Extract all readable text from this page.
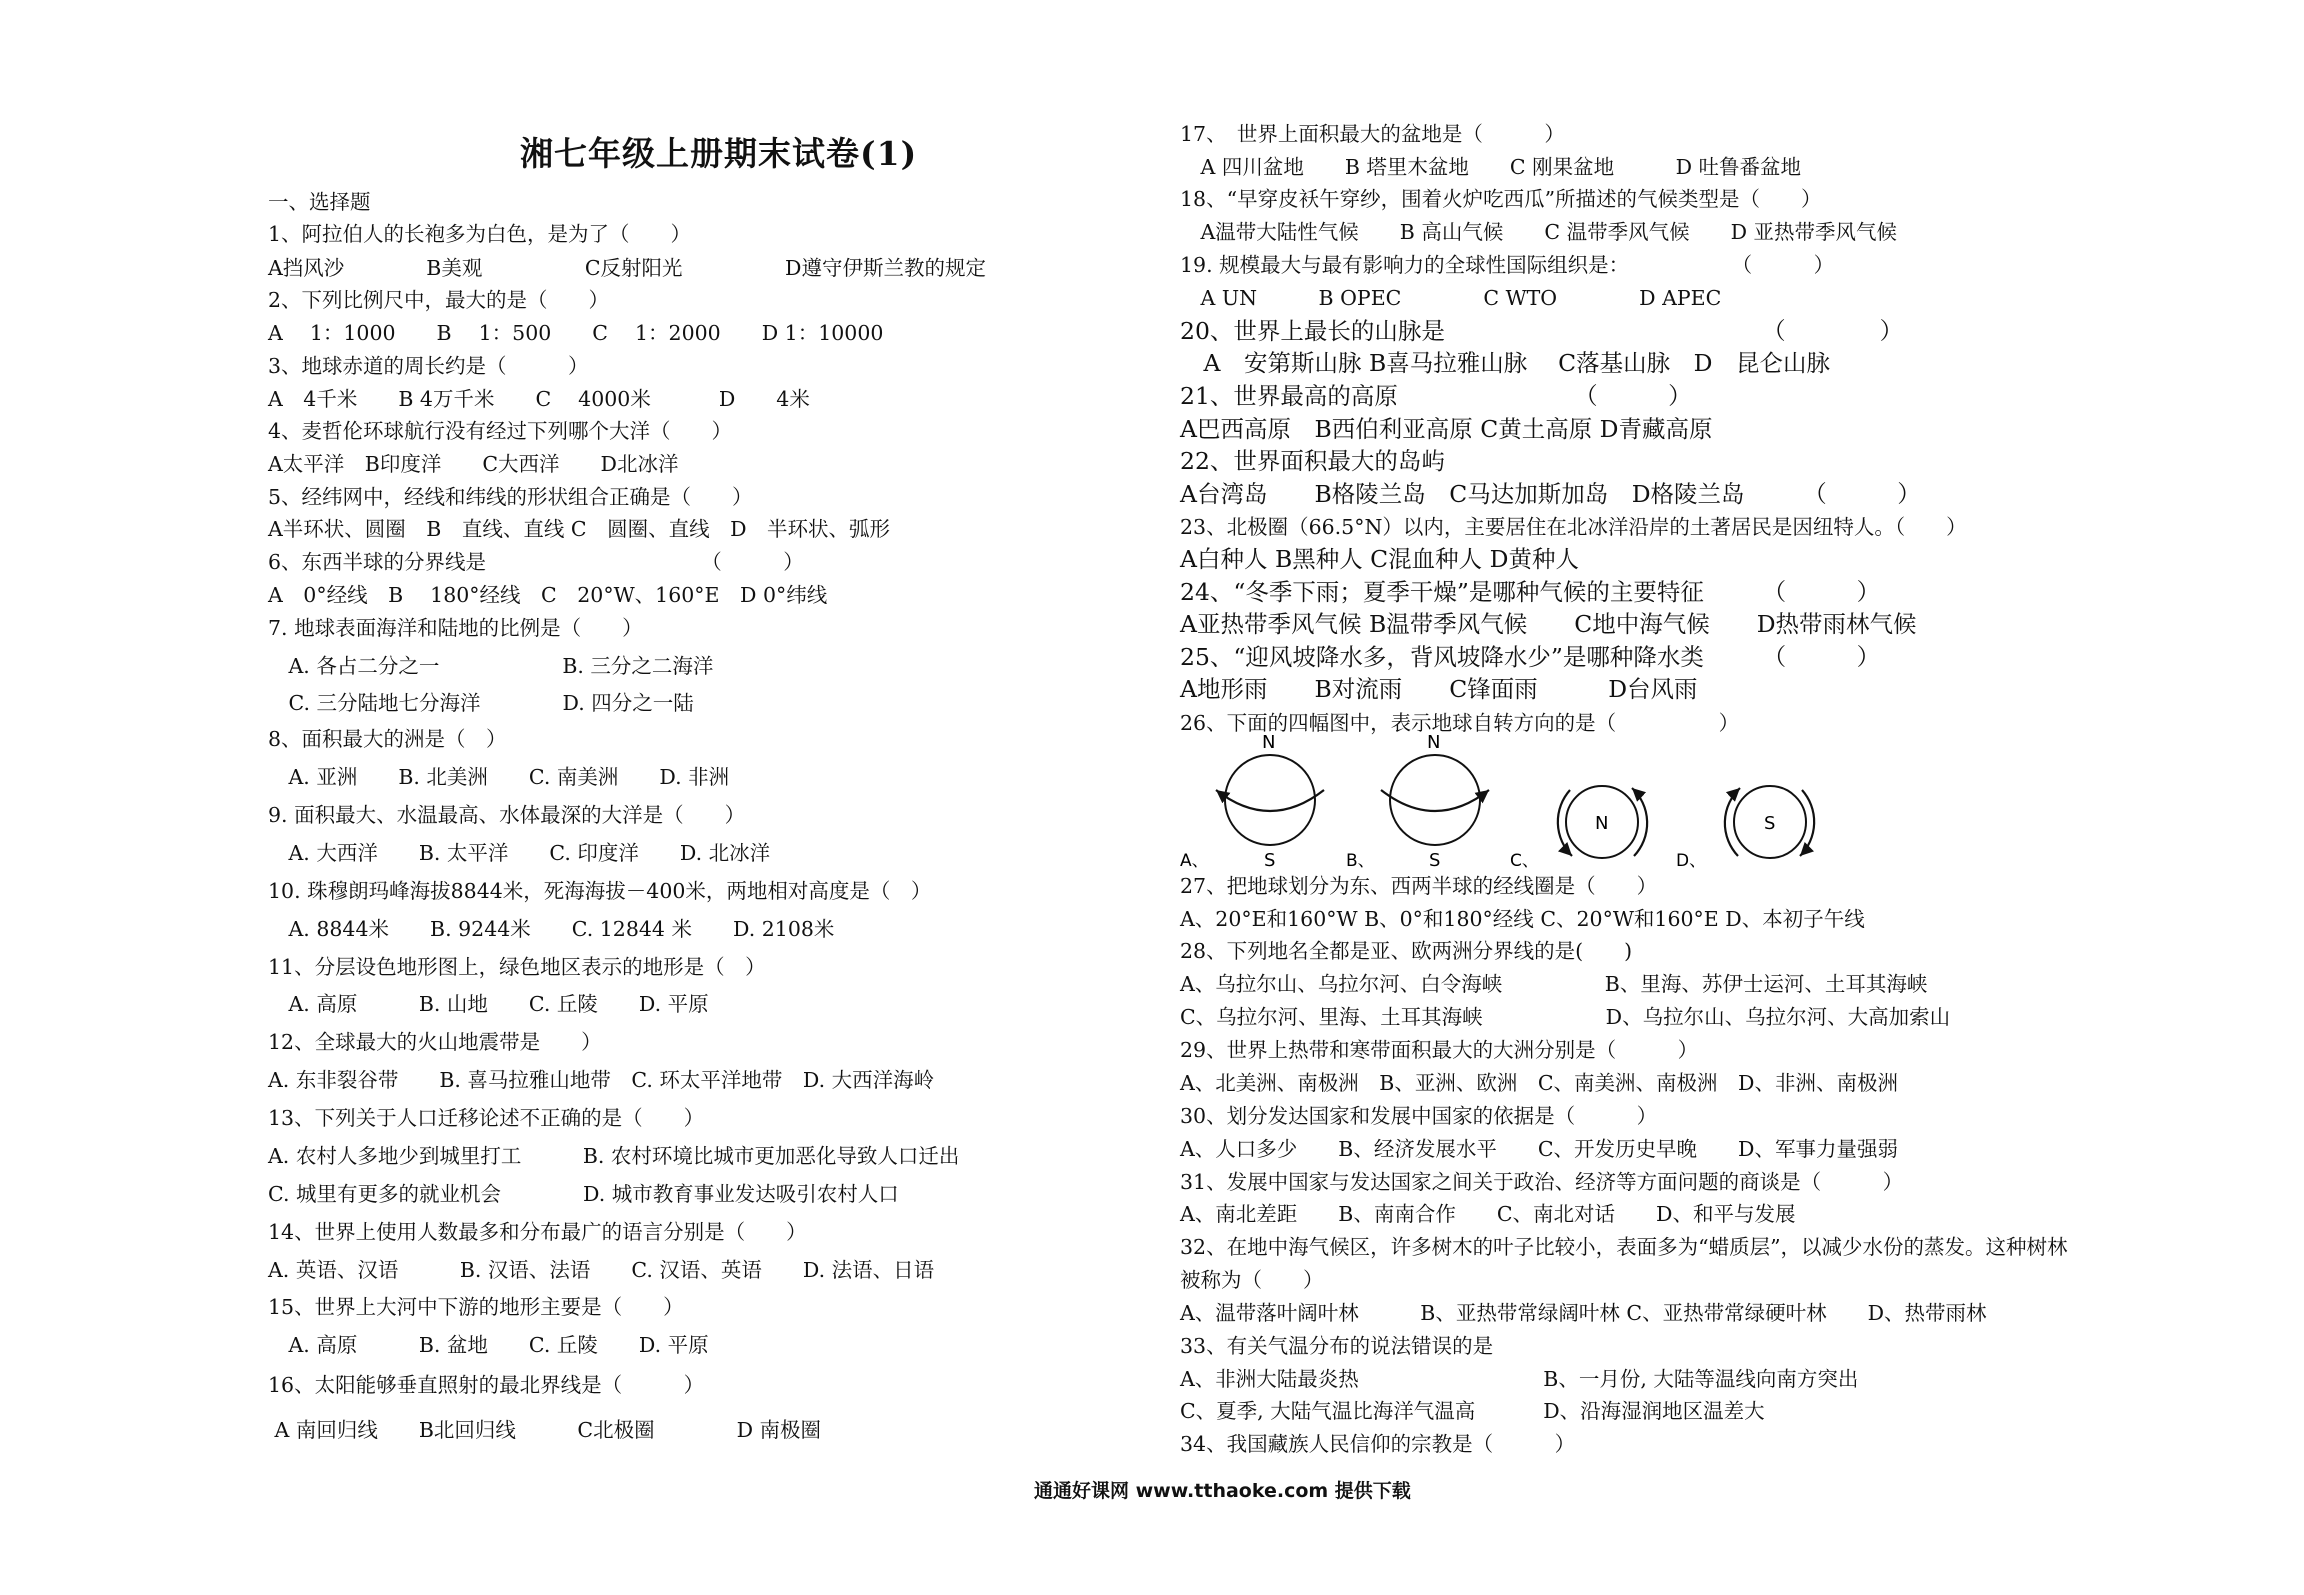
湘七年级上册期末试卷(1)
一、选择题
1、阿拉伯人的长袍多为白色，是为了（　　）
A挡风沙　　　　B美观　　　　　C反射阳光　　　　　D遵守伊斯兰教的规定
2、下列比例尺中，最大的是（　　）
A　 1：1000　　B　 1：500　　C　 1：2000　　D 1：10000
3、地球赤道的周长约是（　　　）
A　4千米　　B 4万千米　　C　 4000米　　　 D　　4米
4、麦哲伦环球航行没有经过下列哪个大洋（　　）
A太平洋　B印度洋　　C大西洋　　D北冰洋
5、经纬网中，经线和纬线的形状组合正确是（　　）
A半环状、圆圈　B　直线、直线 C　圆圈、直线　D　半环状、弧形
6、东西半球的分界线是　　　　　　　　　　　（　　　）
A　0°经线　B　 180°经线　C　20°W、160°E　D 0°纬线
7. 地球表面海洋和陆地的比例是（　　）
　A. 各占二分之一　　　　　　B. 三分之二海洋
　C. 三分陆地七分海洋　　　　D. 四分之一陆
8、面积最大的洲是（　）
　A. 亚洲　　B. 北美洲　　C. 南美洲　　D. 非洲
9. 面积最大、水温最高、水体最深的大洋是（　　）
　A. 大西洋　　B. 太平洋　　C. 印度洋　　D. 北冰洋
10. 珠穆朗玛峰海拔8844米，死海海拔－400米，两地相对高度是（　）
　A. 8844米　　B. 9244米　　C. 12844 米　　D. 2108米
11、分层设色地形图上，绿色地区表示的地形是（　）
　A. 高原　　　B. 山地　　C. 丘陵　　D. 平原
12、全球最大的火山地震带是　　）
A. 东非裂谷带　　B. 喜马拉雅山地带　C. 环太平洋地带　D. 大西洋海岭
13、下列关于人口迁移论述不正确的是（　　）
A. 农村人多地少到城里打工　　　B. 农村环境比城市更加恶化导致人口迁出
C. 城里有更多的就业机会　　　　D. 城市教育事业发达吸引农村人口
14、世界上使用人数最多和分布最广的语言分别是（　　）
A. 英语、汉语　　　B. 汉语、法语　　C. 汉语、英语　　D. 法语、日语
15、世界上大河中下游的地形主要是（　　）
　A. 高原　　　B. 盆地　　C. 丘陵　　D. 平原
16、太阳能够垂直照射的最北界线是（　　　）
A 南回归线　　B北回归线　　　C北极圈　　　　D 南极圈
17、　世界上面积最大的盆地是（　　　）
　A 四川盆地　　B 塔里木盆地　　C 刚果盆地　　　D 吐鲁番盆地
18、“早穿皮袄午穿纱，围着火炉吃西瓜”所描述的气候类型是（　　）
　A温带大陆性气候　　B 高山气候　　C 温带季风气候　　D 亚热带季风气候
19. 规模最大与最有影响力的全球性国际组织是：　　　　　　（　　　）
　A UN　　　B OPEC　　　　C WTO　　　　D APEC
20、世界上最长的山脉是　　　　　　　　　　　　　　（　　　　）
　A　安第斯山脉 B喜马拉雅山脉　 C落基山脉　D　昆仑山脉
21、世界最高的高原　　　　　　　　（　　　）
A巴西高原　B西伯利亚高原 C黄土高原 D青藏高原
22、世界面积最大的岛屿
A台湾岛　　B格陵兰岛　C马达加斯加岛　D格陵兰岛　　　（　　　）
23、北极圈（66.5°N）以内，主要居住在北冰洋沿岸的土著居民是因纽特人。（　　）
A白种人 B黑种人 C混血种人 D黄种人
24、“冬季下雨；夏季干燥”是哪种气候的主要特征　　　（　　　）
A亚热带季风气候 B温带季风气候　　C地中海气候　　D热带雨林气候
25、“迎风坡降水多，背风坡降水少”是哪种降水类　　　（　　　）
A地形雨　　B对流雨　　C锋面雨　　　D台风雨
26、下面的四幅图中，表示地球自转方向的是（　　　　　）
N
S
A、
N
S
B、
N
C、
S
D、
27、把地球划分为东、西两半球的经线圈是（　　）
A、20°E和160°W B、0°和180°经线 C、20°W和160°E D、本初子午线
28、下列地名全都是亚、欧两洲分界线的是(　　)
A、乌拉尔山、乌拉尔河、白令海峡　　　　　B、里海、苏伊士运河、土耳其海峡
C、乌拉尔河、里海、土耳其海峡　　　　　　D、乌拉尔山、乌拉尔河、大高加索山
29、世界上热带和寒带面积最大的大洲分别是（　　　）
A、北美洲、南极洲　B、亚洲、欧洲　C、南美洲、南极洲　D、非洲、南极洲
30、划分发达国家和发展中国家的依据是（　　　）
A、人口多少　　B、经济发展水平　　C、开发历史早晚　　D、军事力量强弱
31、发展中国家与发达国家之间关于政治、经济等方面问题的商谈是（　　　）
A、南北差距　　B、南南合作　　C、南北对话　　D、和平与发展
32、在地中海气候区，许多树木的叶子比较小，表面多为“蜡质层”，以减少水份的蒸发。这种树林
被称为（　　）
A、温带落叶阔叶林　　　B、亚热带常绿阔叶林 C、亚热带常绿硬叶林　　D、热带雨林
33、有关气温分布的说法错误的是
A、非洲大陆最炎热　　　　　　　　　B、一月份, 大陆等温线向南方突出
C、夏季, 大陆气温比海洋气温高　　　 D、沿海湿润地区温差大
34、我国藏族人民信仰的宗教是（　　　）
通通好课网 www.tthaoke.com 提供下载
